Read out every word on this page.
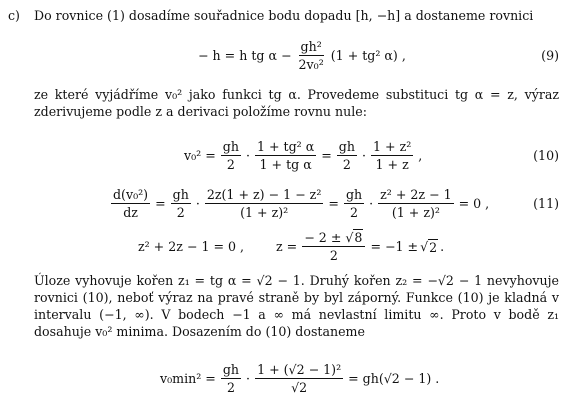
c) Do rovnice (1) dosadíme souřadnice bodu dopadu [h, −h] a dostaneme rovnici
− h = h tg $\alpha - \frac{\text{gh²}}{\text{2v₀²}} (1 + tg^2$ α) ,	(9)
ze které vyjádříme v₀² jako funkci tg α. Provedeme substituci tg α = z, výraz zderivujeme podle z a derivaci položíme rovnu nule:
$v_0^2 = \frac{gh}{2} \cdot \frac{\text{1 + tg² α}}{\text{1 + tg α}} = \frac{gh}{2} \cdot \frac{\text{1 + z²}}{1 + z}$ ,	(10)
$\frac{\text{d(v₀²)}}{dz} = \frac{gh}{2} \cdot \frac{\text{2z(1 + z) − 1 − z²}}{\text{(1 + z)²}} = \frac{gh}{2} \cdot \frac{\text{z² + 2z − 1}}{\text{(1 + z)²}} = 0$ ,	(11)
z² + 2z − 1 = 0 ,	$z = \frac{- 2 \pm √ 8}{2} = -1$ ± √ 2 .
Úloze vyhovuje kořen z₁ = tg α = √2 − 1. Druhý kořen z₂ = −√2 − 1 nevyhovuje rovnici (10), neboť výraz na pravé straně by byl záporný. Funkce (10) je kladná v intervalu (−1, ∞). V bodech −1 a ∞ má nevlastní limitu ∞. Proto v bodě z₁ dosahuje v₀² minima. Dosazením do (10) dostaneme
$v_0\min^2 = \frac{gh}{2} \cdot \frac{\text{1 + (√2 − 1)²}}{√2} = gh(√2 - 1)$ .
